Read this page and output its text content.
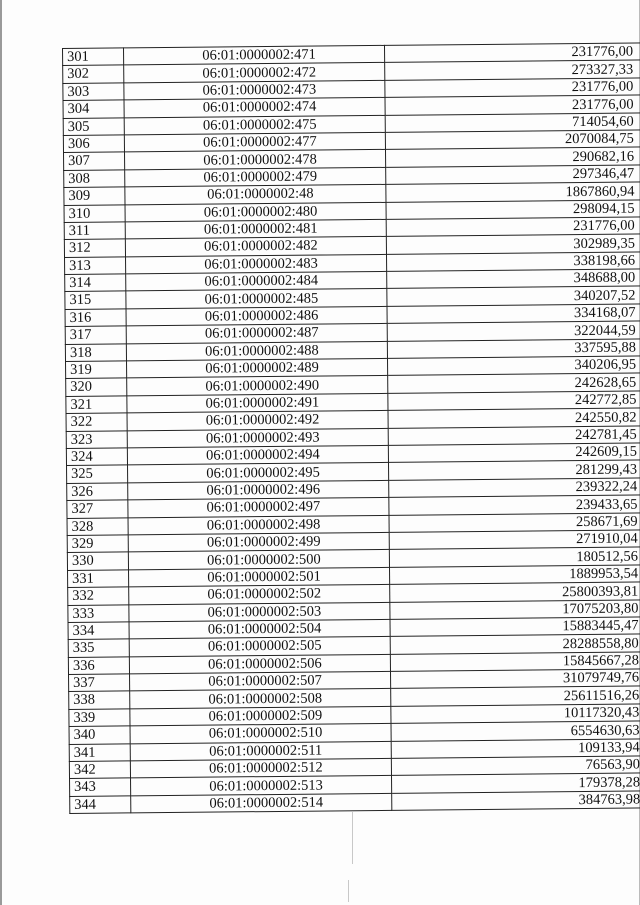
301	06:01:0000002:471	231776,00
302	06:01:0000002:472	273327,33
303	06:01:0000002:473	231776,00
304	06:01:0000002:474	231776,00
305	06:01:0000002:475	714054,60
306	06:01:0000002:477	2070084,75
307	06:01:0000002:478	290682,16
308	06:01:0000002:479	297346,47
309	06:01:0000002:48	1867860,94
310	06:01:0000002:480	298094,15
311	06:01:0000002:481	231776,00
312	06:01:0000002:482	302989,35
313	06:01:0000002:483	338198,66
314	06:01:0000002:484	348688,00
315	06:01:0000002:485	340207,52
316	06:01:0000002:486	334168,07
317	06:01:0000002:487	322044,59
318	06:01:0000002:488	337595,88
319	06:01:0000002:489	340206,95
320	06:01:0000002:490	242628,65
321	06:01:0000002:491	242772,85
322	06:01:0000002:492	242550,82
323	06:01:0000002:493	242781,45
324	06:01:0000002:494	242609,15
325	06:01:0000002:495	281299,43
326	06:01:0000002:496	239322,24
327	06:01:0000002:497	239433,65
328	06:01:0000002:498	258671,69
329	06:01:0000002:499	271910,04
330	06:01:0000002:500	180512,56
331	06:01:0000002:501	1889953,54
332	06:01:0000002:502	25800393,81
333	06:01:0000002:503	17075203,80
334	06:01:0000002:504	15883445,47
335	06:01:0000002:505	28288558,80
336	06:01:0000002:506	15845667,28
337	06:01:0000002:507	31079749,76
338	06:01:0000002:508	25611516,26
339	06:01:0000002:509	10117320,43
340	06:01:0000002:510	6554630,63
341	06:01:0000002:511	109133,94
342	06:01:0000002:512	76563,90
343	06:01:0000002:513	179378,28
344	06:01:0000002:514	384763,98
